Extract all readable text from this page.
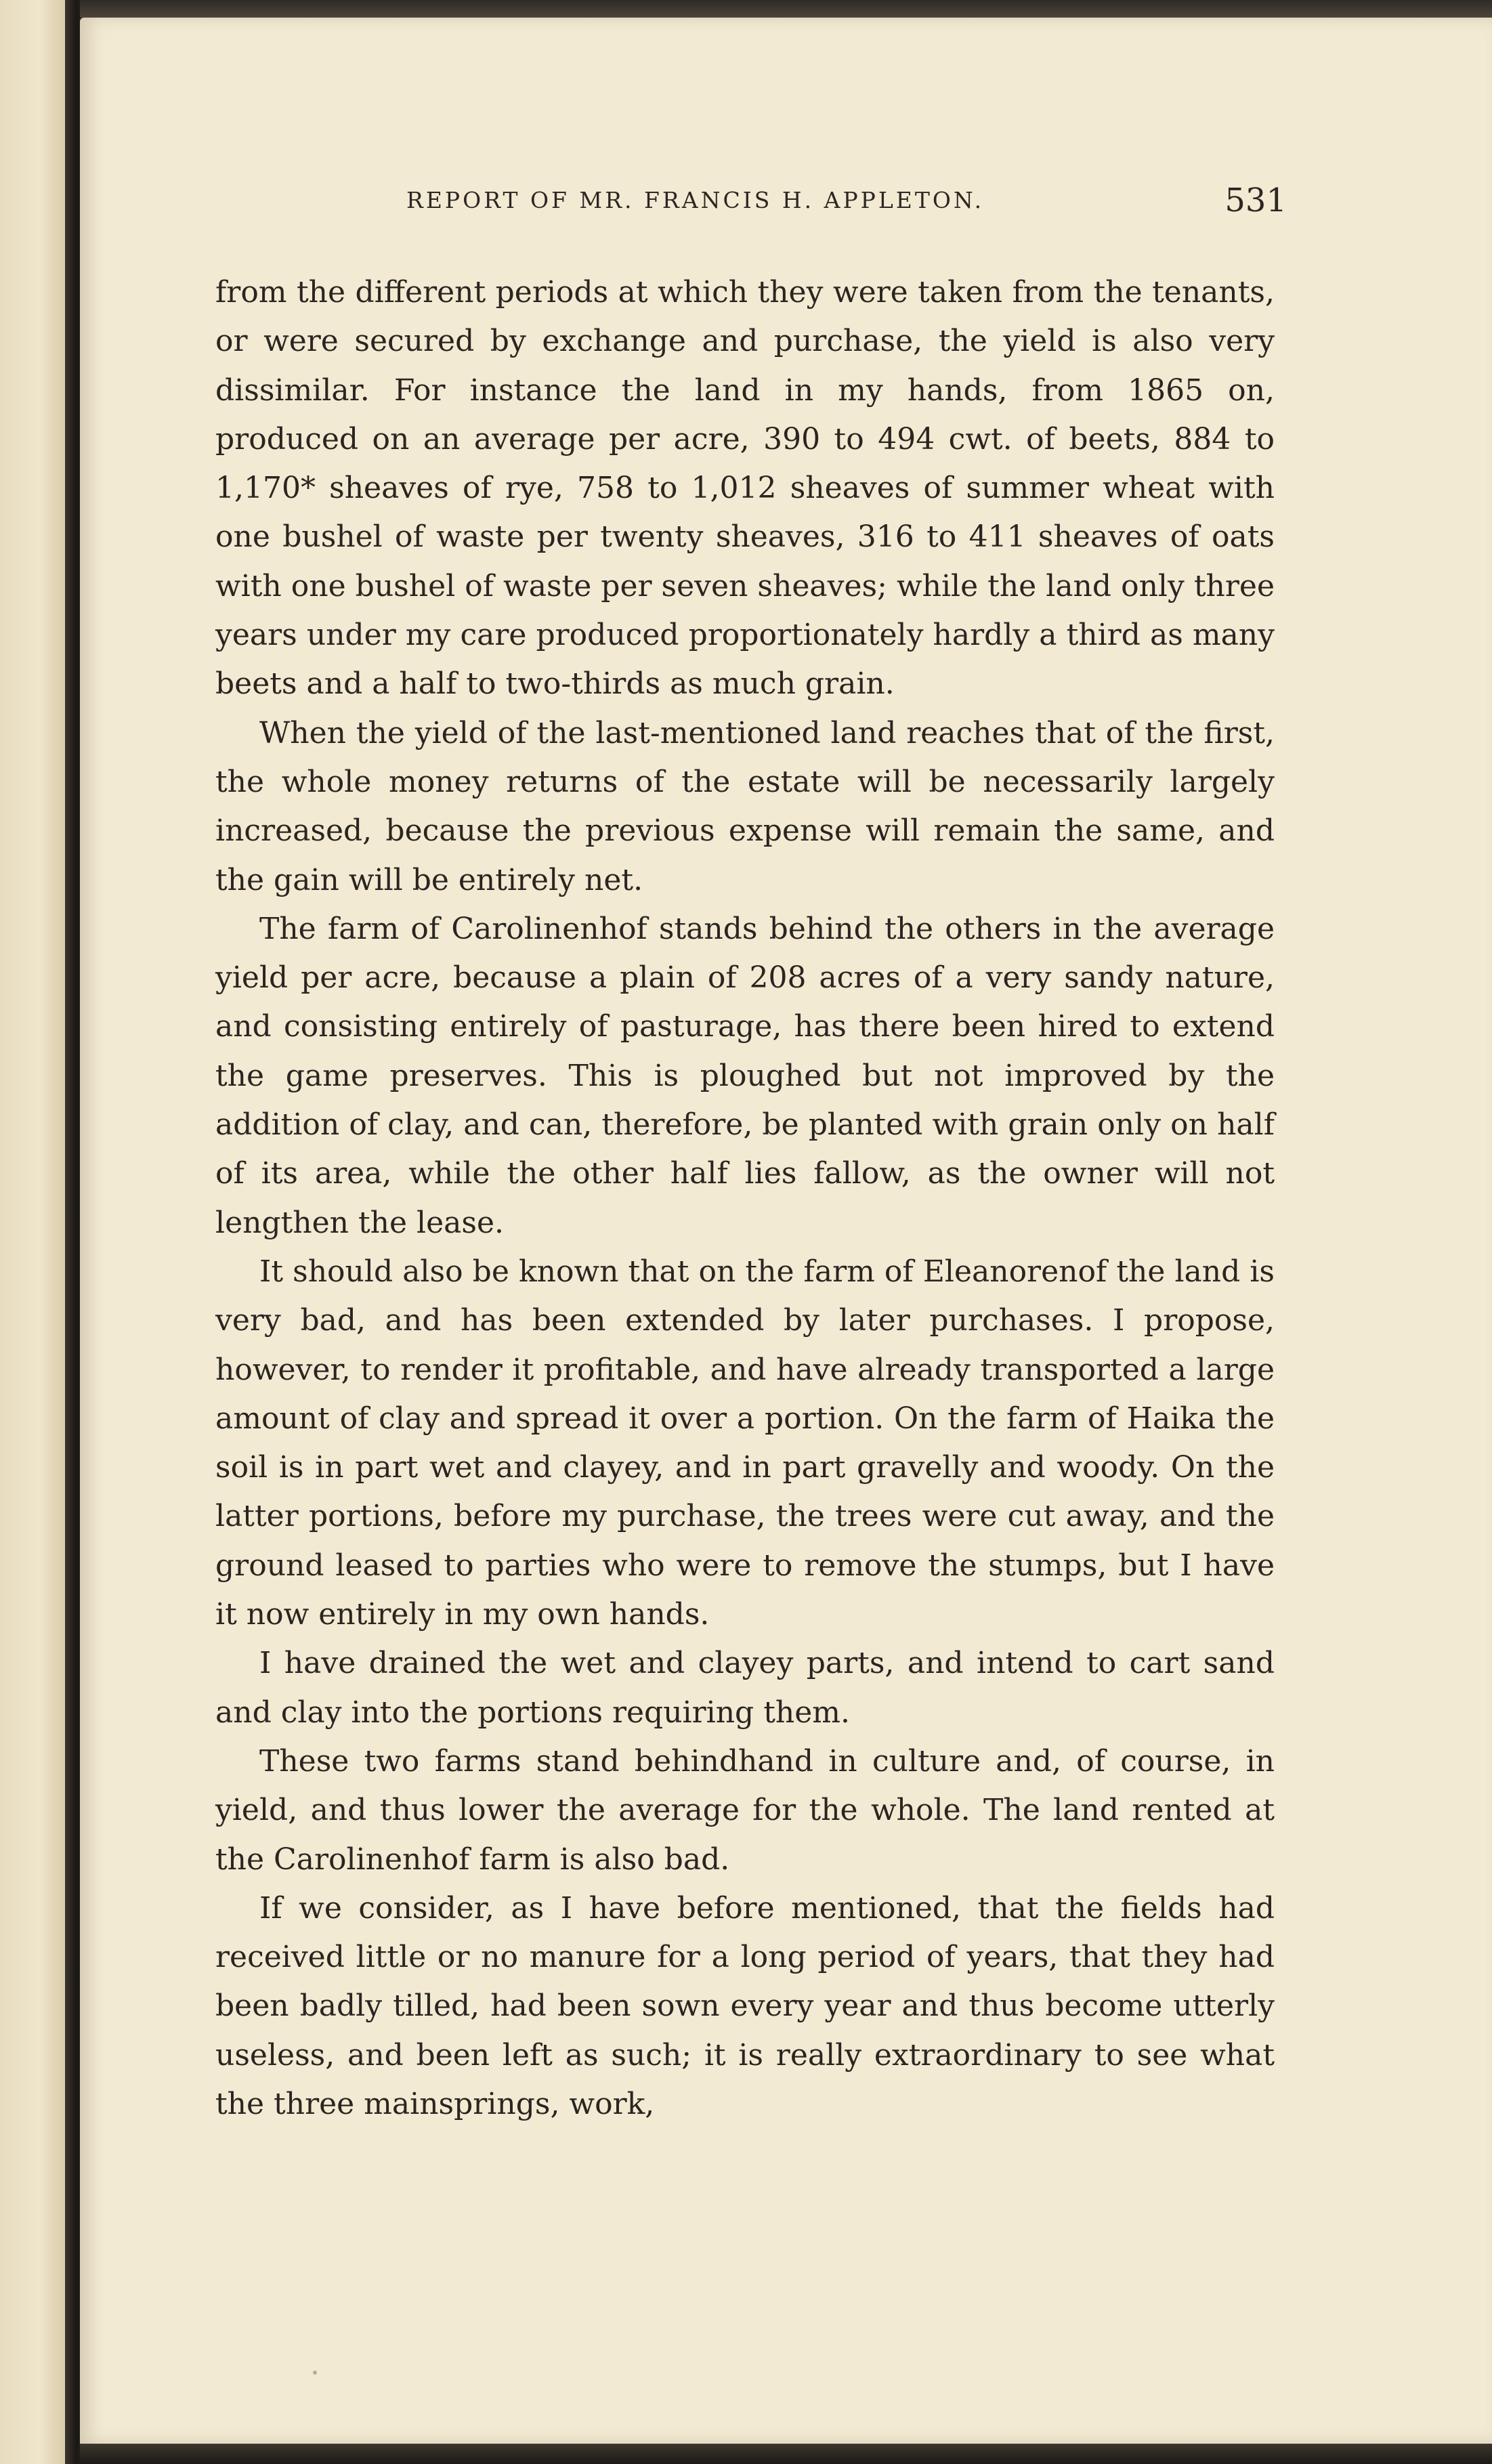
REPORT OF MR. FRANCIS H. APPLETON.	531

from the different periods at which they were taken from the tenants, or were secured by exchange and purchase, the yield is also very dissimilar. For instance the land in my hands, from 1865 on, produced on an average per acre, 390 to 494 cwt. of beets, 884 to 1,170* sheaves of rye, 758 to 1,012 sheaves of summer wheat with one bushel of waste per twenty sheaves, 316 to 411 sheaves of oats with one bushel of waste per seven sheaves; while the land only three years under my care produced proportionately hardly a third as many beets and a half to two-thirds as much grain.

When the yield of the last-mentioned land reaches that of the first, the whole money returns of the estate will be necessarily largely increased, because the previous expense will remain the same, and the gain will be entirely net.

The farm of Carolinenhof stands behind the others in the average yield per acre, because a plain of 208 acres of a very sandy nature, and consisting entirely of pasturage, has there been hired to extend the game preserves. This is ploughed but not improved by the addition of clay, and can, therefore, be planted with grain only on half of its area, while the other half lies fallow, as the owner will not lengthen the lease.

It should also be known that on the farm of Eleanorenof the land is very bad, and has been extended by later purchases. I propose, however, to render it profitable, and have already transported a large amount of clay and spread it over a portion. On the farm of Haika the soil is in part wet and clayey, and in part gravelly and woody. On the latter portions, before my purchase, the trees were cut away, and the ground leased to parties who were to remove the stumps, but I have it now entirely in my own hands.

I have drained the wet and clayey parts, and intend to cart sand and clay into the portions requiring them.

These two farms stand behindhand in culture and, of course, in yield, and thus lower the average for the whole. The land rented at the Carolinenhof farm is also bad.

If we consider, as I have before mentioned, that the fields had received little or no manure for a long period of years, that they had been badly tilled, had been sown every year and thus become utterly useless, and been left as such; it is really extraordinary to see what the three mainsprings, work,
